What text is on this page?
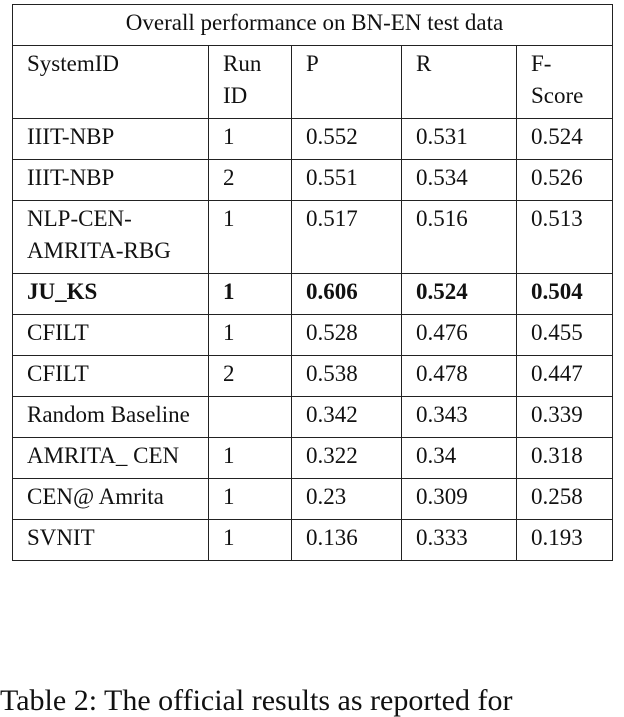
Overall performance on BN-EN test data				
SystemID	Run ID	P	R	F-Score
IIIT-NBP	1	0.552	0.531	0.524
IIIT-NBP	2	0.551	0.534	0.526
NLP-CEN-AMRITA-RBG	1	0.517	0.516	0.513
JU_KS	1	0.606	0.524	0.504
CFILT	1	0.528	0.476	0.455
CFILT	2	0.538	0.478	0.447
Random Baseline		0.342	0.343	0.339
AMRITA_ CEN	1	0.322	0.34	0.318
CEN@ Amrita	1	0.23	0.309	0.258
SVNIT	1	0.136	0.333	0.193
Table 2: The official results as reported for
